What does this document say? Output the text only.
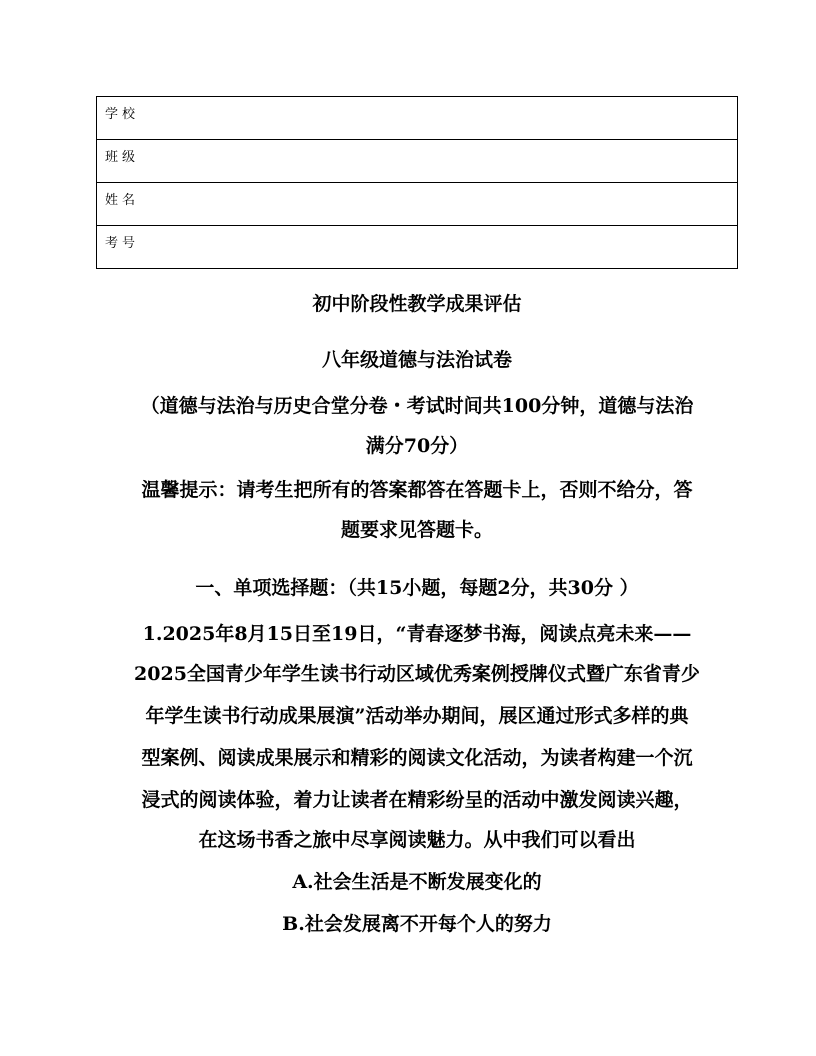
学校
班级
姓名
考号
初中阶段性教学成果评估
八年级道德与法治试卷
（道德与法治与历史合堂分卷・考试时间共100分钟，道德与法治
满分70分）
温馨提示：请考生把所有的答案都答在答题卡上，否则不给分，答
题要求见答题卡。
一、单项选择题：（共15小题，每题2分，共30分 ）
1.2025年8月15日至19日，“青春逐梦书海，阅读点亮未来——
2025全国青少年学生读书行动区域优秀案例授牌仪式暨广东省青少
年学生读书行动成果展演”活动举办期间，展区通过形式多样的典
型案例、阅读成果展示和精彩的阅读文化活动，为读者构建一个沉
浸式的阅读体验，着力让读者在精彩纷呈的活动中激发阅读兴趣，
在这场书香之旅中尽享阅读魅力。从中我们可以看出
A.社会生活是不断发展变化的
B.社会发展离不开每个人的努力
